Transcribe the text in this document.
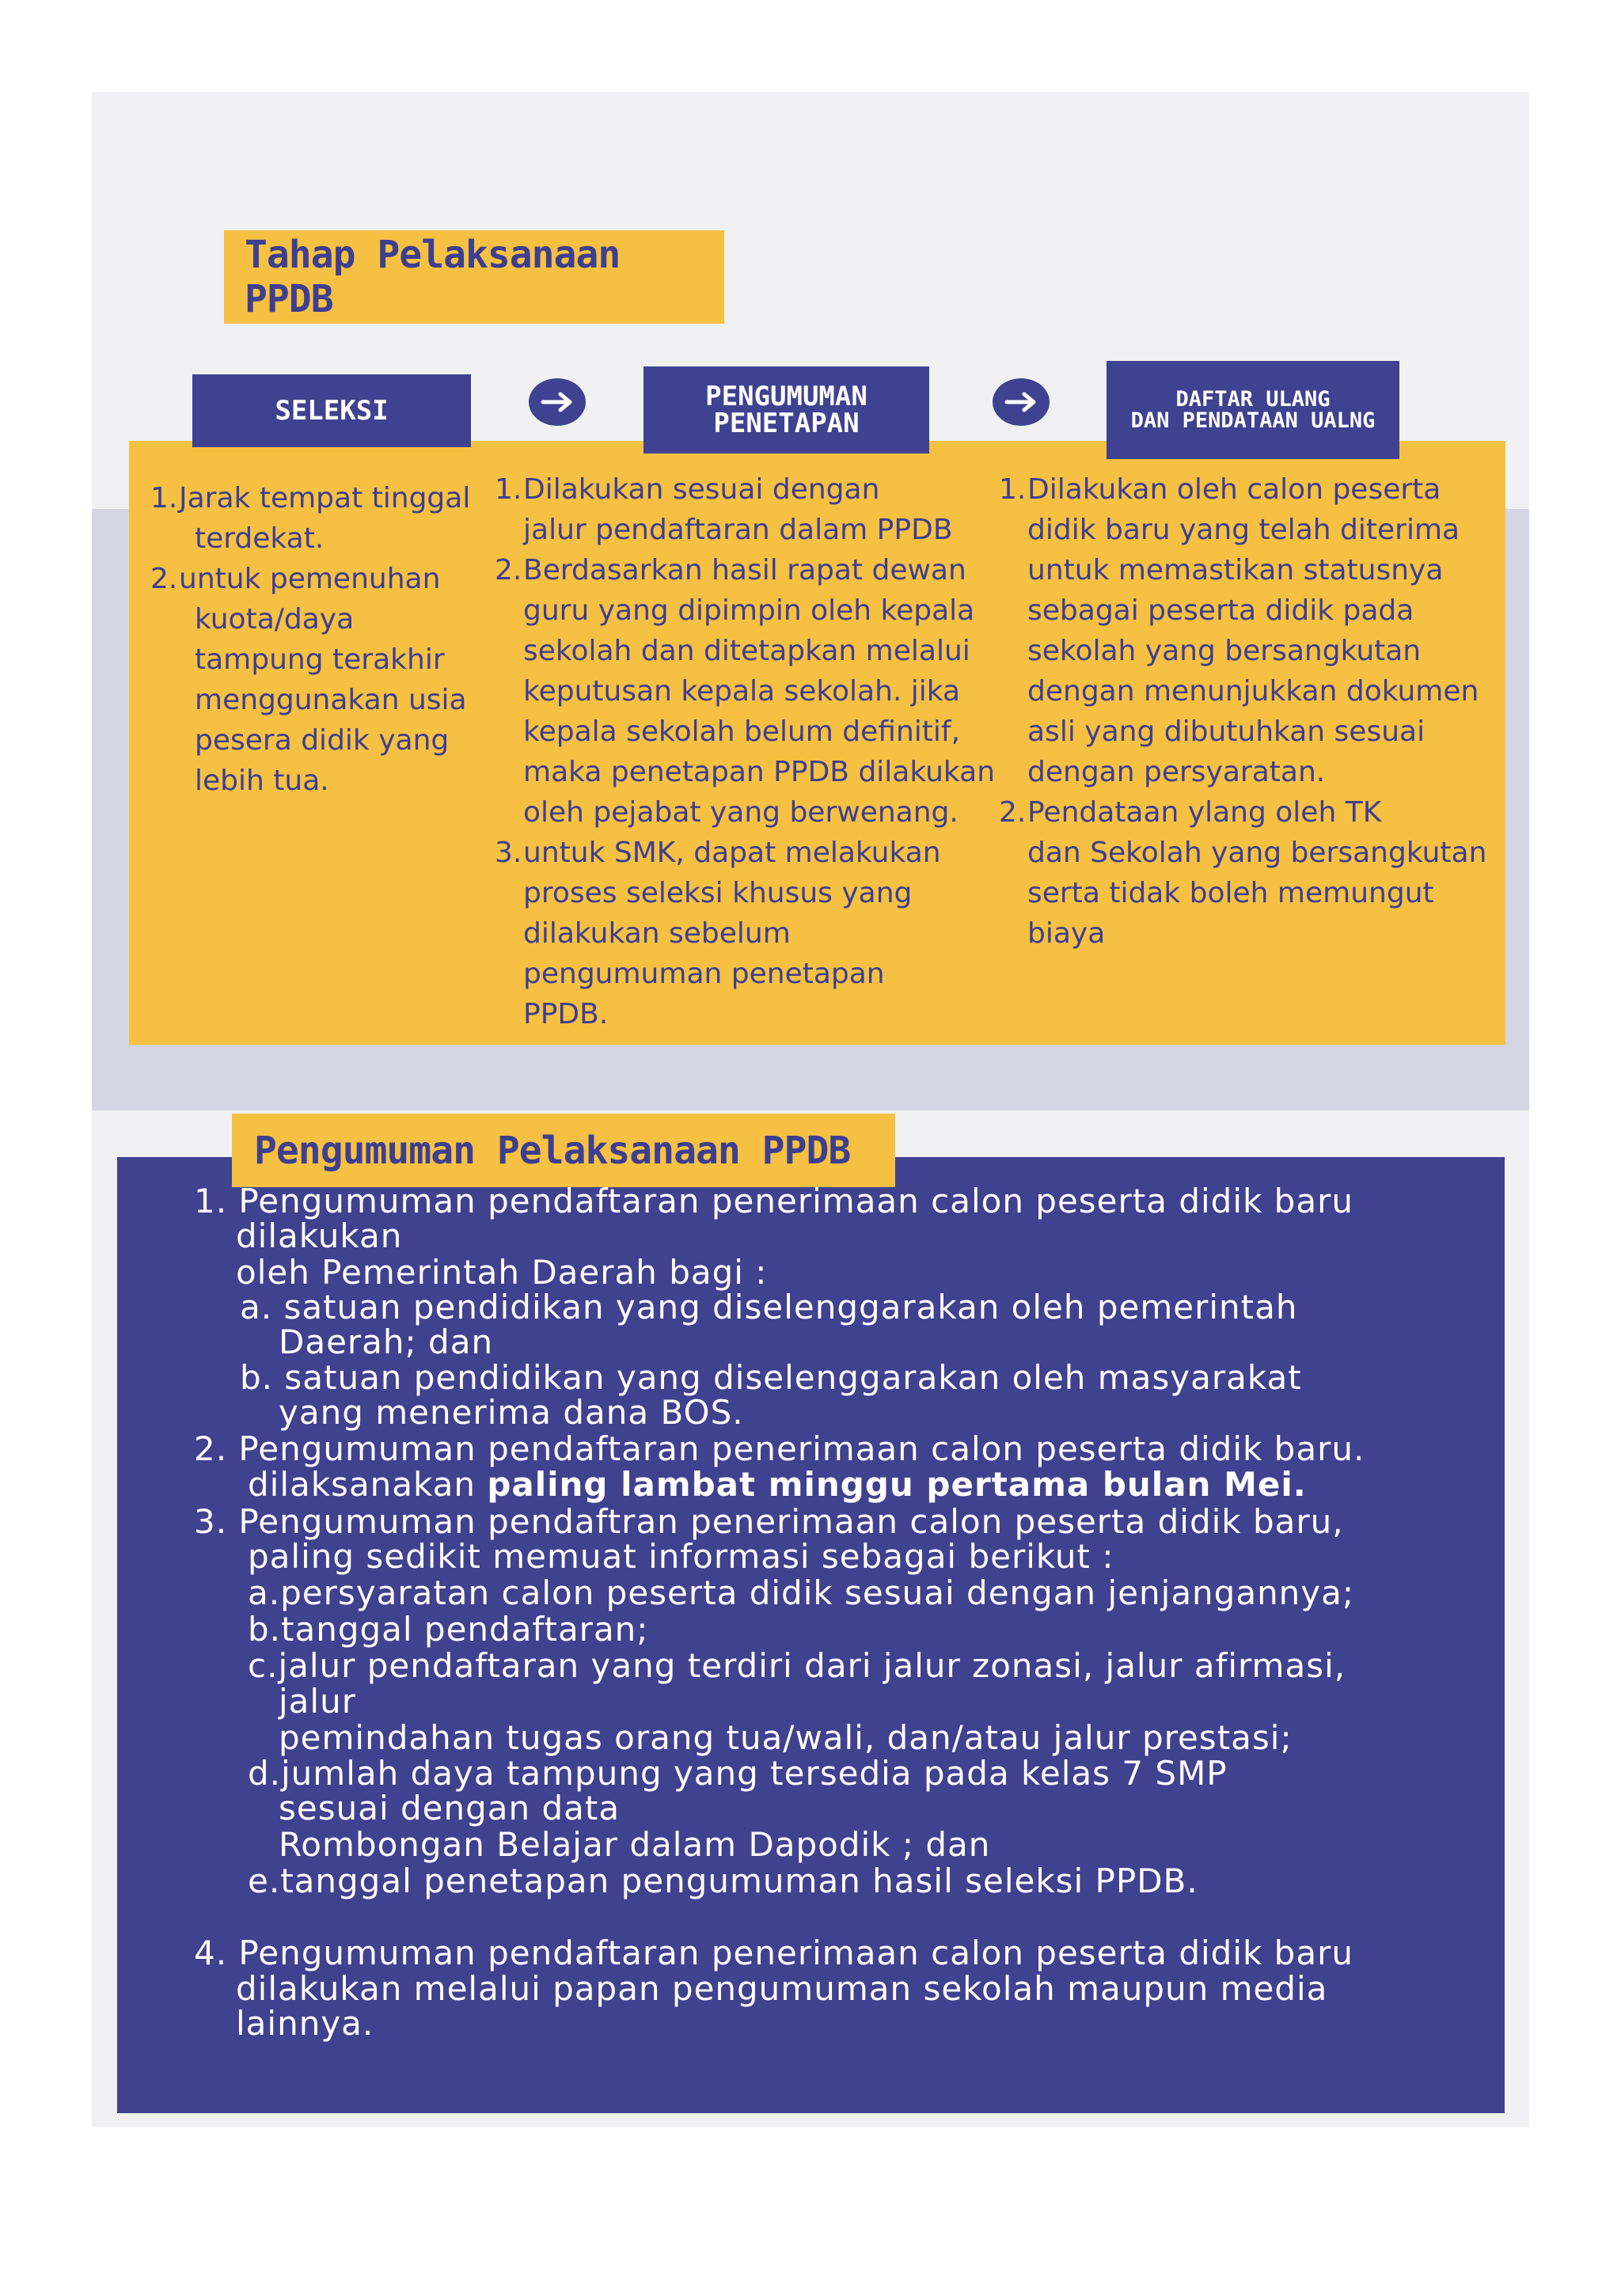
Tahap Pelaksanaan PPDB
SELEKSI	PENGUMUMAN
PENETAPAN
DAFTAR ULANG
DAN PENDATAAN UALNG
1. Jarak tempat tinggal
terdekat.
2. untuk pemenuhan
kuota/daya
tampung terakhir
menggunakan usia
pesera didik yang
lebih tua.
1. Dilakukan sesuai dengan
jalur pendaftaran dalam PPDB
2. Berdasarkan hasil rapat dewan
guru yang dipimpin oleh kepala
sekolah dan ditetapkan melalui
keputusan kepala sekolah. jika
kepala sekolah belum definitif,
maka penetapan PPDB dilakukan
oleh pejabat yang berwenang.
3. untuk SMK, dapat melakukan
proses seleksi khusus yang
dilakukan sebelum
pengumuman penetapan
PPDB.
1. Dilakukan oleh calon peserta
didik baru yang telah diterima
untuk memastikan statusnya
sebagai peserta didik pada
sekolah yang bersangkutan
dengan menunjukkan dokumen
asli yang dibutuhkan sesuai
dengan persyaratan.
2. Pendataan ylang oleh TK
dan Sekolah yang bersangkutan
serta tidak boleh memungut
biaya
Pengumuman Pelaksanaan PPDB
1. Pengumuman pendaftaran penerimaan calon peserta didik baru
dilakukan
oleh Pemerintah Daerah bagi :
a. satuan pendidikan yang diselenggarakan oleh pemerintah
Daerah; dan
b. satuan pendidikan yang diselenggarakan oleh masyarakat
yang menerima dana BOS.
2. Pengumuman pendaftaran penerimaan calon peserta didik baru.
dilaksanakan paling lambat minggu pertama bulan Mei.
3. Pengumuman pendaftran penerimaan calon peserta didik baru,
paling sedikit memuat informasi sebagai berikut :
a.persyaratan calon peserta didik sesuai dengan jenjangannya;
b.tanggal pendaftaran;
c.jalur pendaftaran yang terdiri dari jalur zonasi, jalur afirmasi,
jalur
pemindahan tugas orang tua/wali, dan/atau jalur prestasi;
d.jumlah daya tampung yang tersedia pada kelas 7 SMP
sesuai dengan data
Rombongan Belajar dalam Dapodik ; dan
e.tanggal penetapan pengumuman hasil seleksi PPDB.
4. Pengumuman pendaftaran penerimaan calon peserta didik baru
dilakukan melalui papan pengumuman sekolah maupun media
lainnya.
